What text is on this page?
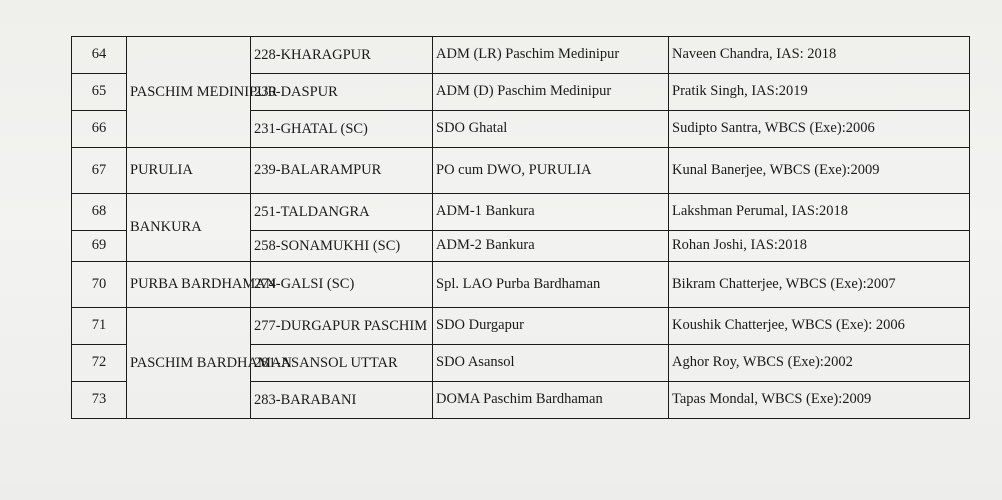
64	PASCHIM MEDINIPUR	228-KHARAGPUR	ADM (LR) Paschim Medinipur	Naveen Chandra, IAS: 2018
65		230-DASPUR	ADM (D) Paschim Medinipur	Pratik Singh, IAS:2019
66		231-GHATAL (SC)	SDO Ghatal	Sudipto Santra, WBCS (Exe):2006
67	PURULIA	239-BALARAMPUR	PO cum DWO, PURULIA	Kunal Banerjee, WBCS (Exe):2009
68	BANKURA	251-TALDANGRA	ADM-1 Bankura	Lakshman Perumal, IAS:2018
69		258-SONAMUKHI (SC)	ADM-2 Bankura	Rohan Joshi, IAS:2018
70	PURBA BARDHAMAN	274-GALSI (SC)	Spl. LAO Purba Bardhaman	Bikram Chatterjee, WBCS (Exe):2007
71	PASCHIM BARDHAMAN	277-DURGAPUR PASCHIM	SDO Durgapur	Koushik Chatterjee, WBCS (Exe): 2006
72		281-ASANSOL UTTAR	SDO Asansol	Aghor Roy, WBCS (Exe):2002
73		283-BARABANI	DOMA Paschim Bardhaman	Tapas Mondal, WBCS (Exe):2009
